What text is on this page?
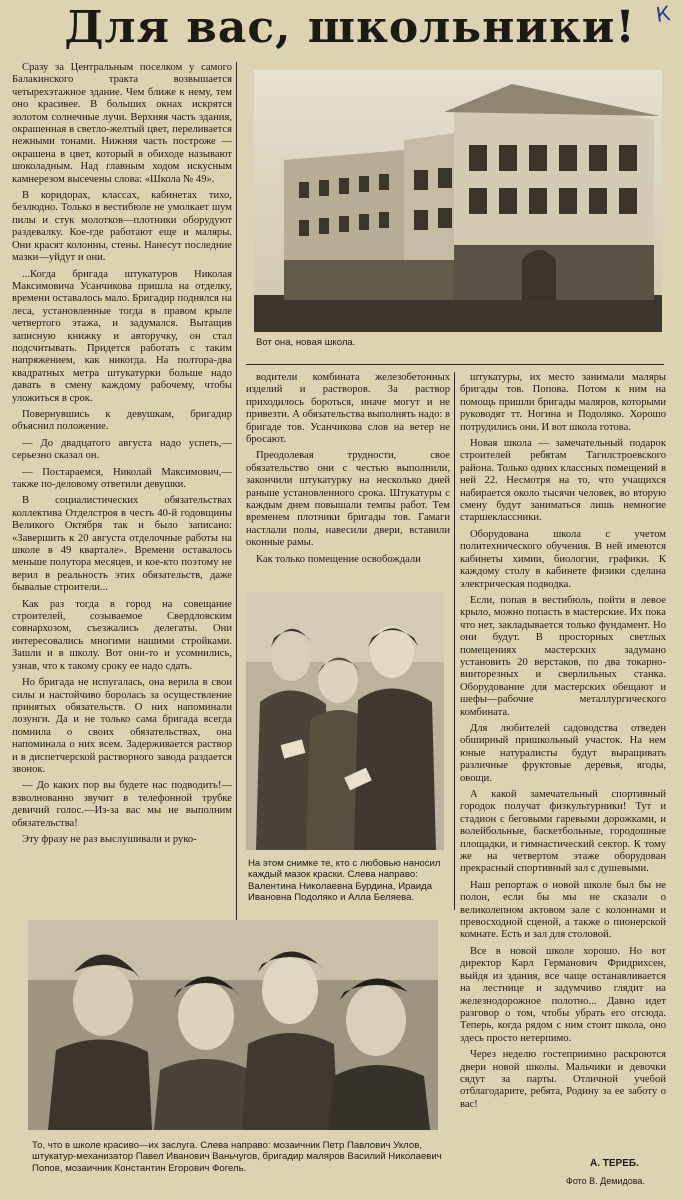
Для вас, школьники! К

Сразу за Центральным поселком у самого Балакинского тракта возвышается четырехэтажное здание. Чем ближе к нему, тем оно красивее. В больших окнах искрятся золотом солнечные лучи. Верхняя часть здания, окрашенная в светло-желтый цвет, переливается нежными тонами. Нижняя часть построже — окрашена в цвет, который в обиходе называют шоколадным. Над главным ходом искусным камнерезом высечены слова: «Школа № 49».

В коридорах, классах, кабинетах тихо, безлюдно. Только в вестибюле не умолкает шум пилы и стук молотков—плотники оборудуют раздевалку. Кое-где работают еще и маляры. Они красят колонны, стены. Нанесут последние мазки—уйдут и они.

...Когда бригада штукатуров Николая Максимовича Усанчикова пришла на отделку, времени оставалось мало. Бригадир поднялся на леса, установленные тогда в правом крыле четвертого этажа, и задумался. Вытащив записную книжку и авторучку, он стал подсчитывать. Придется работать с таким напряжением, как никогда. На полтора-два квадратных метра штукатурки больше надо давать в смену каждому рабочему, чтобы уложиться в срок.

Повернувшись к девушкам, бригадир объяснил положение.

— До двадцатого августа надо успеть,— серьезно сказал он.

— Постараемся, Николай Максимович,— также по-деловому ответили девушки.

В социалистических обязательствах коллектива Отделстроя в честь 40-й годовщины Великого Октября так и было записано: «Завершить к 20 августа отделочные работы на школе в 49 квартале». Времени оставалось меньше полутора месяцев, и кое-кто поэтому не верил в реальность этих обязательств, даже бывалые строители...

Как раз тогда в город на совещание строителей, созываемое Свердловским совнархозом, съезжались делегаты. Они интересовались многими нашими стройками. Зашли и в школу. Вот они-то и усомнились, узнав, что к такому сроку ее надо сдать.

Но бригада не испугалась, она верила в свои силы и настойчиво боролась за осуществление принятых обязательств. О них напоминали лозунги. Да и не только сама бригада всегда помнила о своих обязательствах, она напоминала о них всем. Задерживается раствор и в диспетчерской растворного завода раздается звонок.

— До каких пор вы будете нас подводить!—взволнованно звучит в телефонной трубке девичий голос.—Из-за вас мы не выполним обязательства!

Эту фразу не раз выслушивали и руко-

Вот она, новая школа.

водители комбината железобетонных изделий и растворов. За раствор приходилось бороться, иначе могут и не привезти. А обязательства выполнять надо: в бригаде тов. Усанчикова слов на ветер не бросают.

Преодолевая трудности, свое обязательство они с честью выполнили, закончили штукатурку на несколько дней раньше установленного срока. Штукатуры с каждым днем повышали темпы работ. Тем временем плотники бригады тов. Гамаги настлали полы, навесили двери, вставили оконные рамы.

Как только помещение освобождали

На этом снимке те, кто с любовью наносил каждый мазок краски. Слева направо: Валентина Николаевна Бурдина, Ираида Ивановна Подоляко и Алла Беляева.

штукатуры, их место занимали маляры бригады тов. Попова. Потом к ним на помощь пришли бригады маляров, которыми руководят тт. Ногина и Подоляко. Хорошо потрудились они. И вот школа готова.

Новая школа — замечательный подарок строителей ребятам Тагилстроевского района. Только одних классных помещений в ней 22. Несмотря на то, что учащихся набирается около тысячи человек, во вторую смену будут заниматься лишь немногие старшеклассники.

Оборудована школа с учетом политехнического обучения. В ней имеются кабинеты химии, биологии, графики. К каждому столу в кабинете физики сделана электрическая подводка.

Если, попав в вестибюль, пойти в левое крыло, можно попасть в мастерские. Их пока что нет, закладывается только фундамент. Но они будут. В просторных светлых помещениях мастерских задумано установить 20 верстаков, по два токарно-винторезных и сверлильных станка. Оборудование для мастерских обещают и шефы—рабочие металлургического комбината.

Для любителей садоводства отведен обширный пришкольный участок. На нем юные натуралисты будут выращивать различные фруктовые деревья, ягоды, овощи.

А какой замечательный спортивный городок получат физкультурники! Тут и стадион с беговыми гаревыми дорожками, и волейбольные, баскетбольные, городошные площадки, и гимнастический сектор. К тому же на четвертом этаже оборудован прекрасный спортивный зал с душевыми.

Наш репортаж о новой школе был бы не полон, если бы мы не сказали о великолепном актовом зале с колоннами и превосходной сценой, а также о пионерской комнате. Есть и зал для столовой.

Все в новой школе хорошо. Но вот директор Карл Германович Фридрихсен, выйдя из здания, все чаще останавливается на лестнице и задумчиво глядит на железнодорожное полотно... Давно идет разговор о том, чтобы убрать его отсюда. Теперь, когда рядом с ним стоит школа, оно здесь просто нетерпимо.

Через неделю гостеприимно раскроются двери новой школы. Мальчики и девочки сядут за парты. Отличной учебой отблагодарите, ребята, Родину за ее заботу о вас!

То, что в школе красиво—их заслуга. Слева направо: мозаичник Петр Павлович Уклов, штукатур-механизатор Павел Иванович Ваньчугов, бригадир маляров Василий Николаевич Попов, мозаичник Константин Егорович Фогель.	А. ТЕРЕБ.
Фото В. Демидова.
